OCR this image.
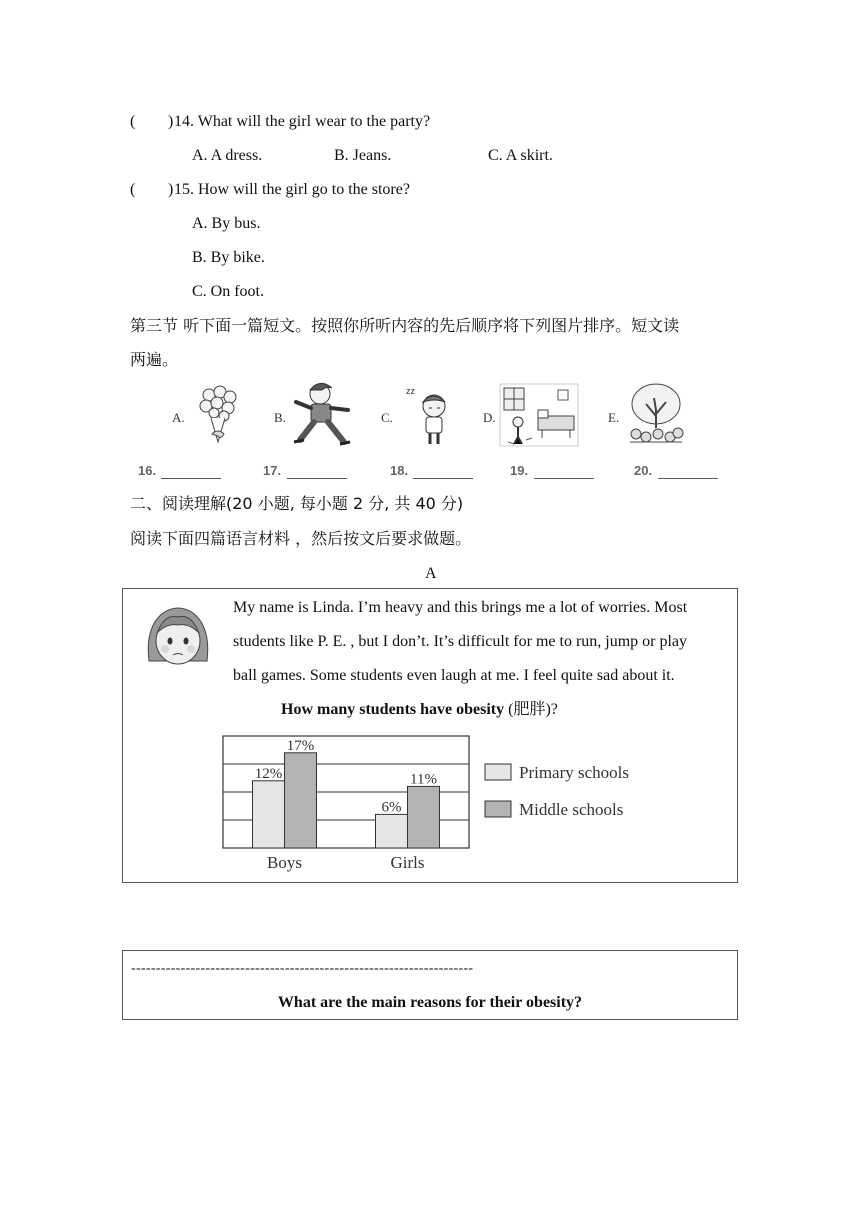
( ) 14. What will the girl wear to the party?
A. A dress.	B. Jeans.	C. A skirt.
( ) 15. How will the girl go to the store?
A. By bus.
B. By bike.
C. On foot.
第三节 听下面一篇短文。按照你所听内容的先后顺序将下列图片排序。短文读
两遍。
A.	B.	C.
zz
D.	E.
16.	17.	18.	19.	20.
二、阅读理解(20 小题, 每小题 2 分, 共 40 分)
阅读下面四篇语言材料 ，然后按文后要求做题。
A
My name is Linda. I’m heavy and this brings me a lot of worries. Most
students like P. E. , but I don’t. It’s difficult for me to run, jump or play
ball games. Some students even laugh at me. I feel quite sad about it.
How many students have obesity (肥胖)?
12%
17%
Boys
6%
11%
Girls
Primary schools
Middle schools
---------------------------------------------------------------------
What are the main reasons for their obesity?
